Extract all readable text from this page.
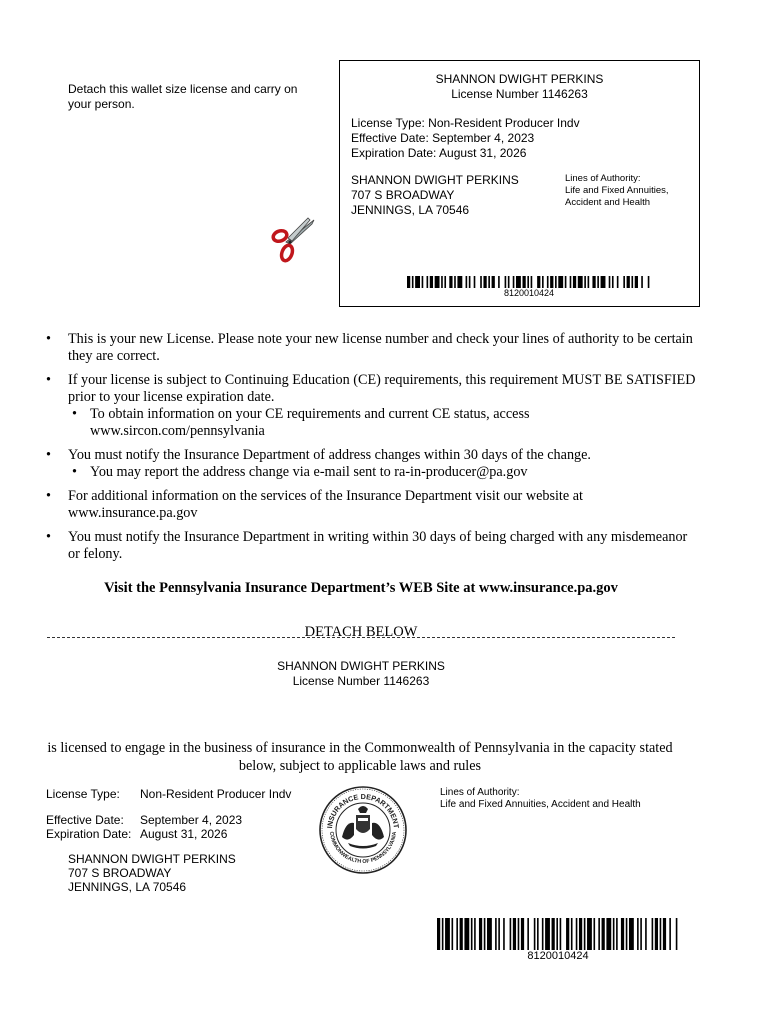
Detach this wallet size license and carry on your person.
SHANNON DWIGHT PERKINS
License Number 1146263
License Type: Non-Resident Producer Indv
Effective Date: September 4, 2023
Expiration Date: August 31, 2026
SHANNON DWIGHT PERKINS
707 S BROADWAY
JENNINGS, LA 70546
Lines of Authority:
Life and Fixed Annuities,
Accident and Health
8120010424
• This is your new License. Please note your new license number and check your lines of authority to be certain they are correct.
• If your license is subject to Continuing Education (CE) requirements, this requirement MUST BE SATISFIED prior to your license expiration date.
• To obtain information on your CE requirements and current CE status, access www.sircon.com/pennsylvania
• You must notify the Insurance Department of address changes within 30 days of the change.
• You may report the address change via e-mail sent to ra-in-producer@pa.gov
• For additional information on the services of the Insurance Department visit our website at www.insurance.pa.gov
• You must notify the Insurance Department in writing within 30 days of being charged with any misdemeanor or felony.
Visit the Pennsylvania Insurance Department’s WEB Site at www.insurance.pa.gov
DETACH BELOW
SHANNON DWIGHT PERKINS
License Number 1146263
is licensed to engage in the business of insurance in the Commonwealth of Pennsylvania in the capacity stated below, subject to applicable laws and rules
License Type: Non-Resident Producer Indv
Effective Date: September 4, 2023
Expiration Date: August 31, 2026
SHANNON DWIGHT PERKINS
707 S BROADWAY
JENNINGS, LA 70546
Lines of Authority:
Life and Fixed Annuities, Accident and Health
INSURANCE DEPARTMENT
COMMONWEALTH OF PENNSYLVANIA
8120010424
